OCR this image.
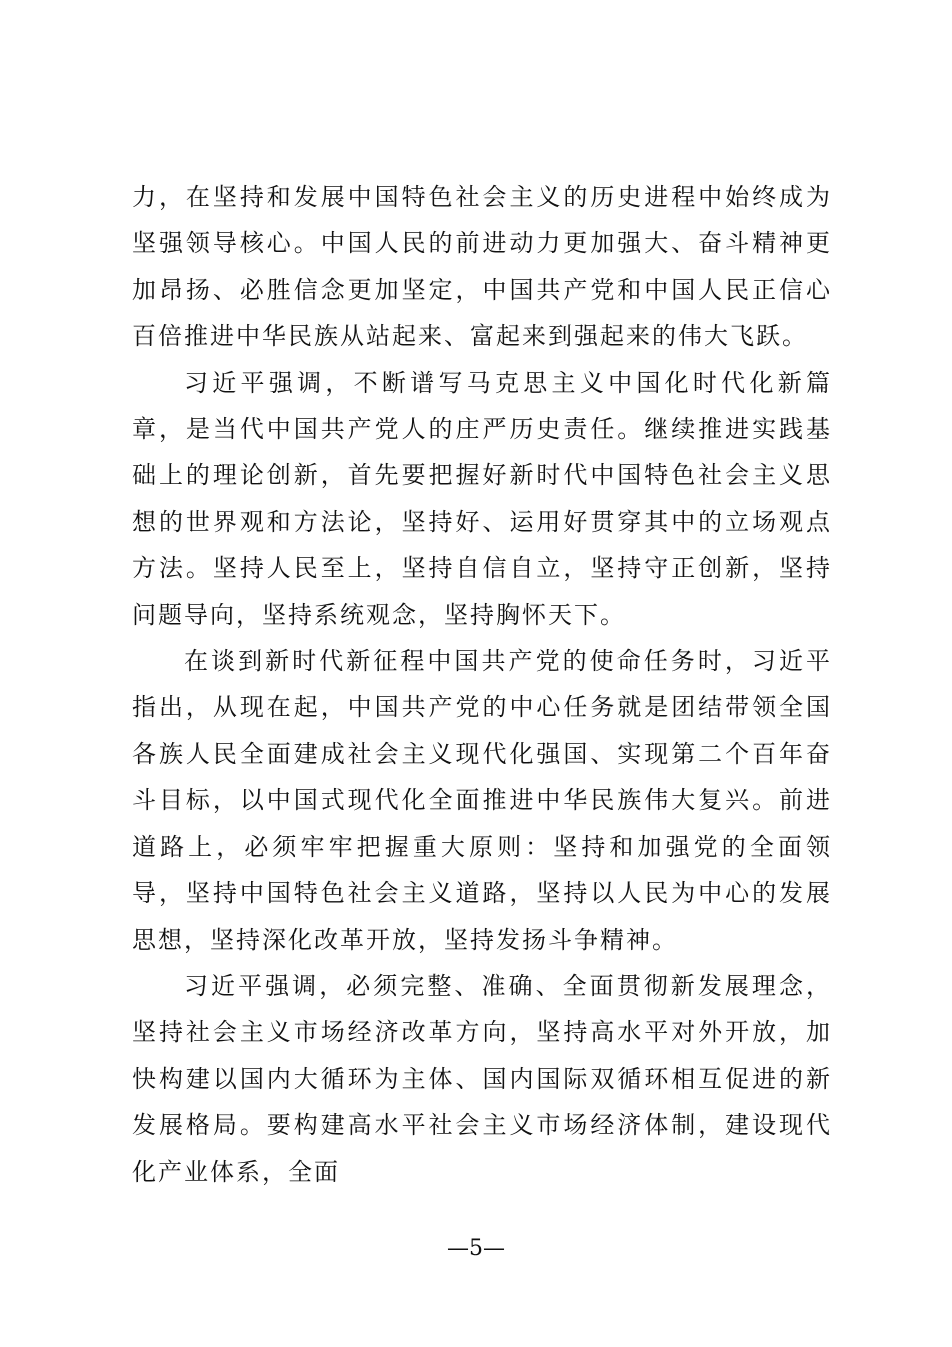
力，在坚持和发展中国特色社会主义的历史进程中始终成为坚强领导核心。中国人民的前进动力更加强大、奋斗精神更加昂扬、必胜信念更加坚定，中国共产党和中国人民正信心百倍推进中华民族从站起来、富起来到强起来的伟大飞跃。

习近平强调，不断谱写马克思主义中国化时代化新篇章，是当代中国共产党人的庄严历史责任。继续推进实践基础上的理论创新，首先要把握好新时代中国特色社会主义思想的世界观和方法论，坚持好、运用好贯穿其中的立场观点方法。坚持人民至上，坚持自信自立，坚持守正创新，坚持问题导向，坚持系统观念，坚持胸怀天下。

在谈到新时代新征程中国共产党的使命任务时，习近平指出，从现在起，中国共产党的中心任务就是团结带领全国各族人民全面建成社会主义现代化强国、实现第二个百年奋斗目标，以中国式现代化全面推进中华民族伟大复兴。前进道路上，必须牢牢把握重大原则：坚持和加强党的全面领导，坚持中国特色社会主义道路，坚持以人民为中心的发展思想，坚持深化改革开放，坚持发扬斗争精神。

习近平强调，必须完整、准确、全面贯彻新发展理念，坚持社会主义市场经济改革方向，坚持高水平对外开放，加快构建以国内大循环为主体、国内国际双循环相互促进的新发展格局。要构建高水平社会主义市场经济体制，建设现代化产业体系，全面

—5—
